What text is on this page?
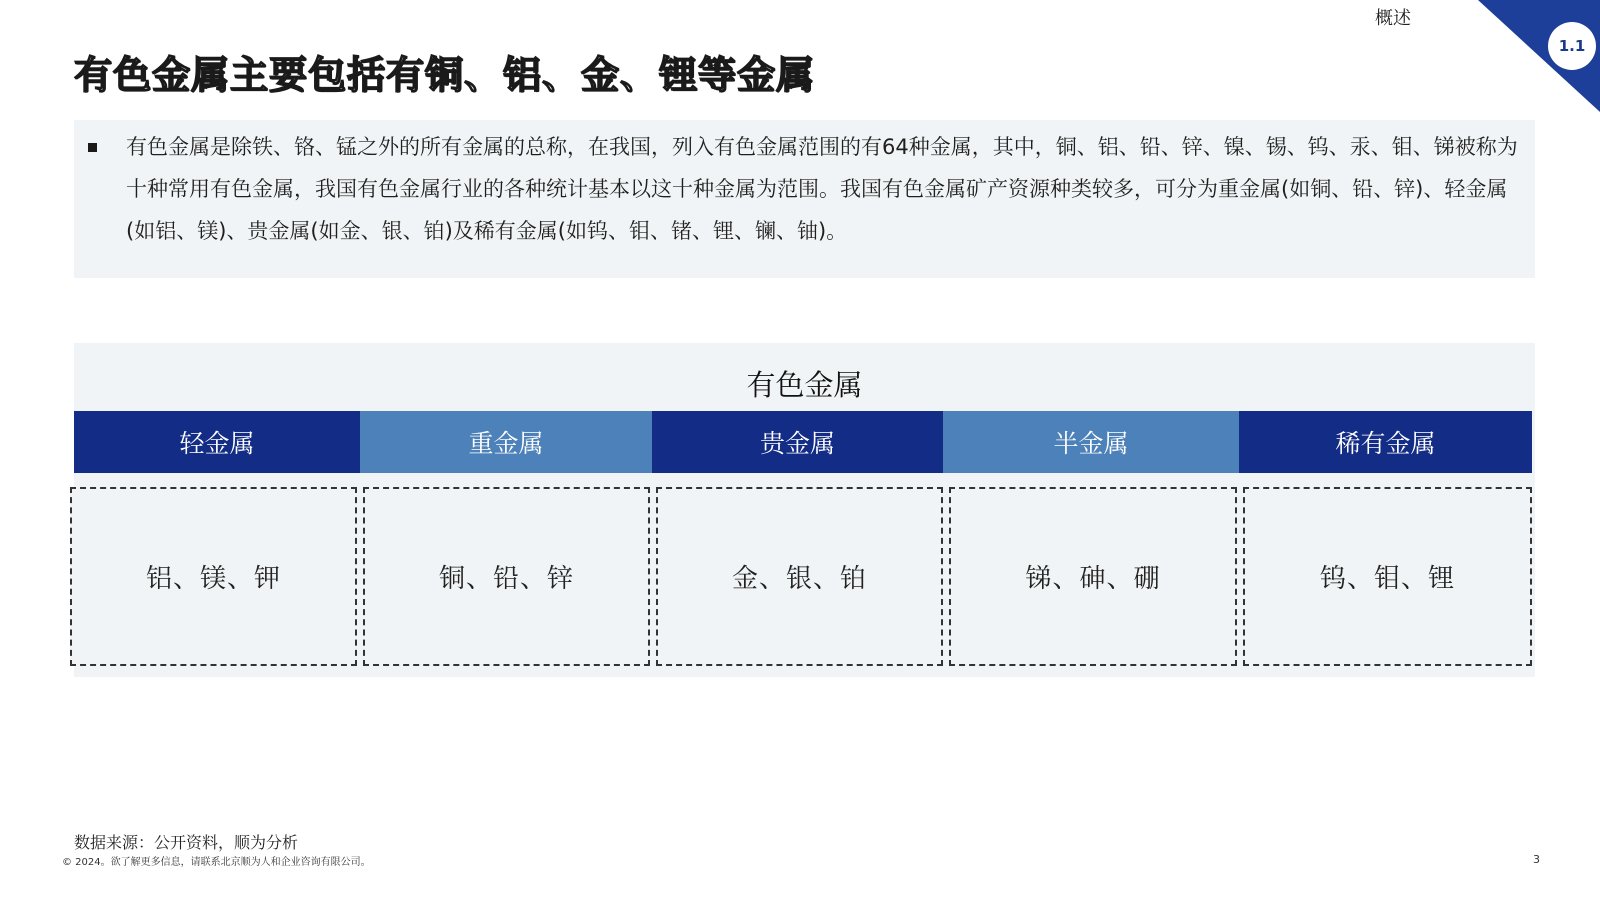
概述
1.1
有色金属主要包括有铜、铝、金、锂等金属

有色金属是除铁、铬、锰之外的所有金属的总称，在我国，列入有色金属范围的有64种金属，其中，铜、铝、铅、锌、镍、锡、钨、汞、钼、锑被称为十种常用有色金属，我国有色金属行业的各种统计基本以这十种金属为范围。我国有色金属矿产资源种类较多，可分为重金属(如铜、铅、锌)、轻金属(如铝、镁)、贵金属(如金、银、铂)及稀有金属(如钨、钼、锗、锂、镧、铀)。

有色金属
轻金属	重金属	贵金属	半金属	稀有金属
铝、镁、钾	铜、铅、锌	金、银、铂	锑、砷、硼	钨、钼、锂
数据来源：公开资料，顺为分析
© 2024。欲了解更多信息，请联系北京顺为人和企业咨询有限公司。	3
